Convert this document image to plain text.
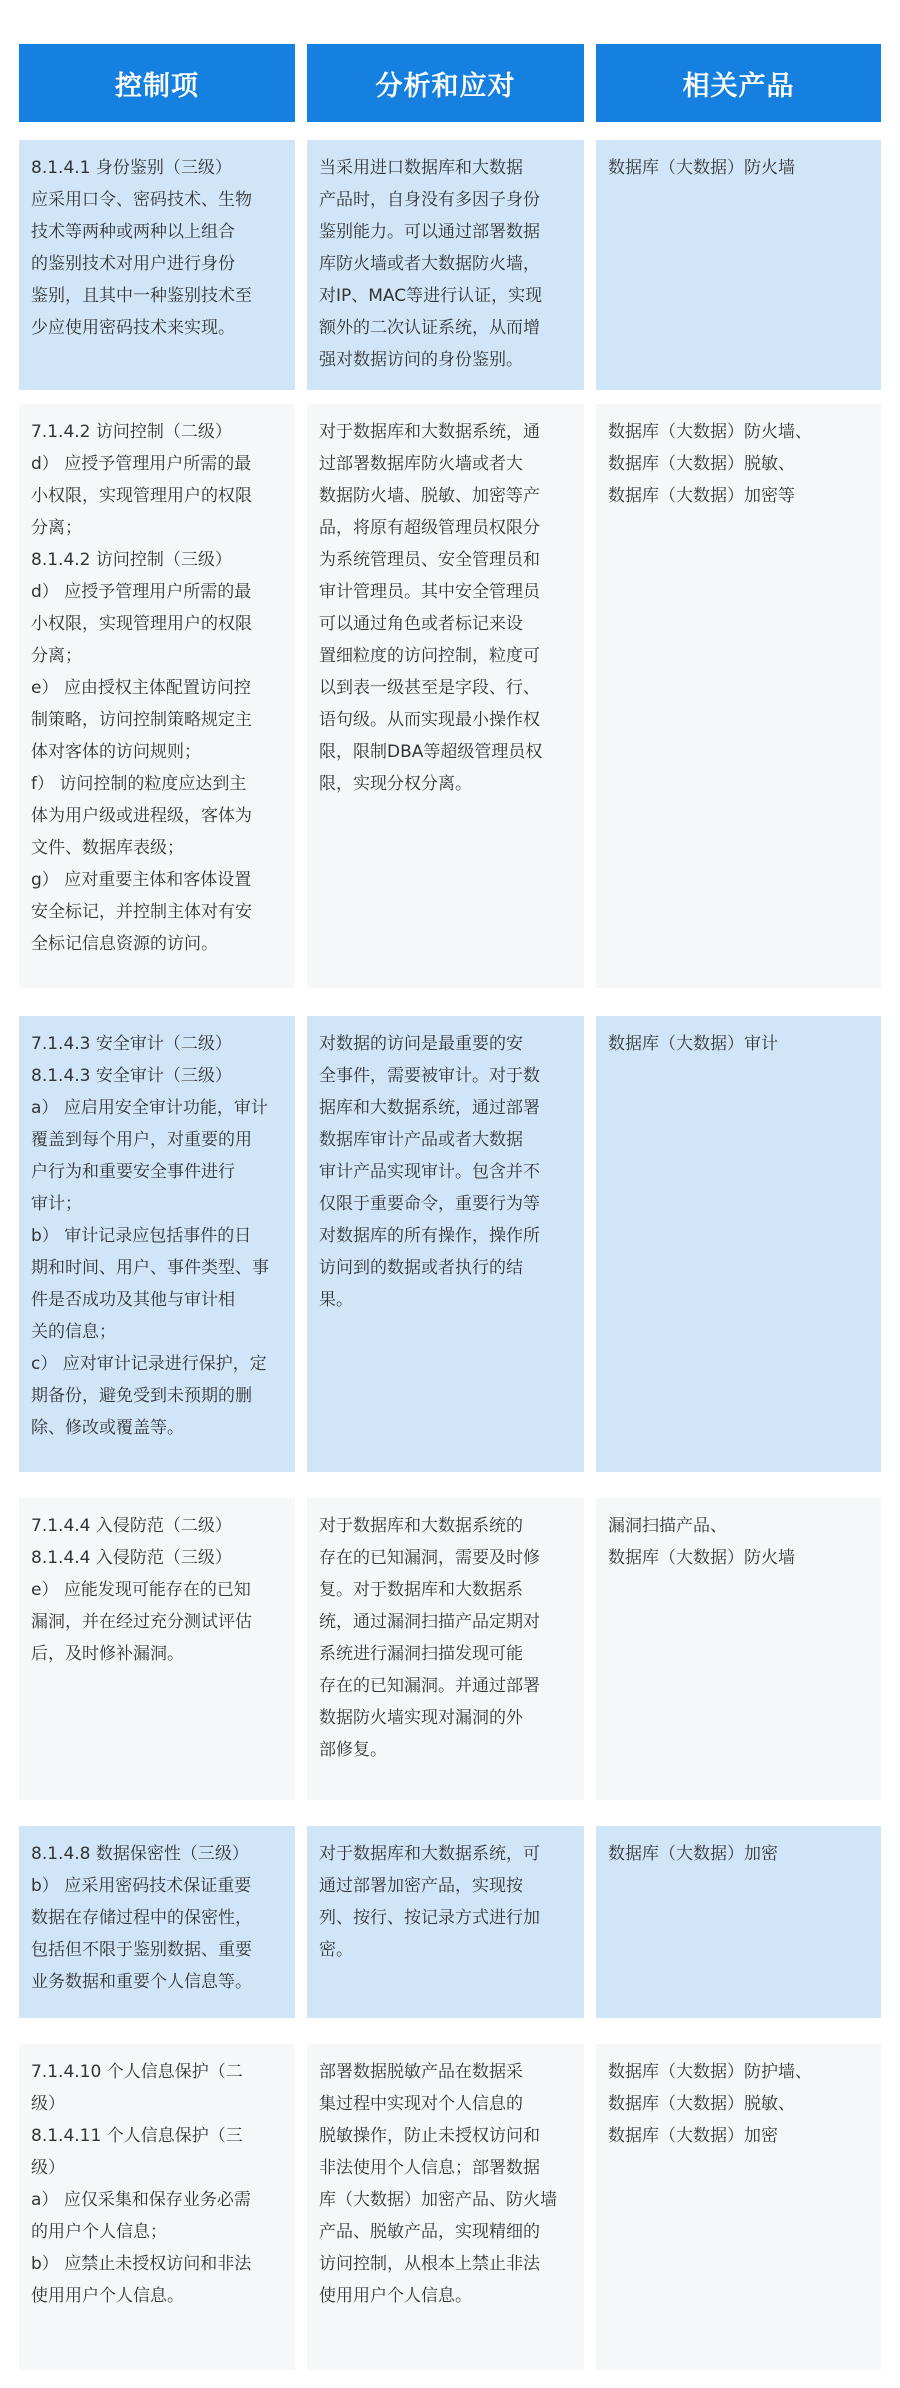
控制项	分析和应对	相关产品
8.1.4.1 身份鉴别（三级）
应采用口令、密码技术、生物
技术等两种或两种以上组合
的鉴别技术对用户进行身份
鉴别，且其中一种鉴别技术至
少应使用密码技术来实现。
当采用进口数据库和大数据
产品时，自身没有多因子身份
鉴别能力。可以通过部署数据
库防火墙或者大数据防火墙，
对IP、MAC等进行认证，实现
额外的二次认证系统，从而增
强对数据访问的身份鉴别。
数据库（大数据）防火墙
7.1.4.2 访问控制（二级）
d） 应授予管理用户所需的最
小权限，实现管理用户的权限
分离；
8.1.4.2 访问控制（三级）
d） 应授予管理用户所需的最
小权限，实现管理用户的权限
分离；
e） 应由授权主体配置访问控
制策略，访问控制策略规定主
体对客体的访问规则；
f） 访问控制的粒度应达到主
体为用户级或进程级，客体为
文件、数据库表级；
g） 应对重要主体和客体设置
安全标记，并控制主体对有安
全标记信息资源的访问。
对于数据库和大数据系统，通
过部署数据库防火墙或者大
数据防火墙、脱敏、加密等产
品，将原有超级管理员权限分
为系统管理员、安全管理员和
审计管理员。其中安全管理员
可以通过角色或者标记来设
置细粒度的访问控制，粒度可
以到表一级甚至是字段、行、
语句级。从而实现最小操作权
限，限制DBA等超级管理员权
限，实现分权分离。
数据库（大数据）防火墙、
数据库（大数据）脱敏、
数据库（大数据）加密等
7.1.4.3 安全审计（二级）
8.1.4.3 安全审计（三级）
a） 应启用安全审计功能，审计
覆盖到每个用户，对重要的用
户行为和重要安全事件进行
审计；
b） 审计记录应包括事件的日
期和时间、用户、事件类型、事
件是否成功及其他与审计相
关的信息；
c） 应对审计记录进行保护，定
期备份，避免受到未预期的删
除、修改或覆盖等。
对数据的访问是最重要的安
全事件，需要被审计。对于数
据库和大数据系统，通过部署
数据库审计产品或者大数据
审计产品实现审计。包含并不
仅限于重要命令，重要行为等
对数据库的所有操作，操作所
访问到的数据或者执行的结
果。
数据库（大数据）审计
7.1.4.4 入侵防范（二级）
8.1.4.4 入侵防范（三级）
e） 应能发现可能存在的已知
漏洞，并在经过充分测试评估
后，及时修补漏洞。
对于数据库和大数据系统的
存在的已知漏洞，需要及时修
复。对于数据库和大数据系
统，通过漏洞扫描产品定期对
系统进行漏洞扫描发现可能
存在的已知漏洞。并通过部署
数据防火墙实现对漏洞的外
部修复。
漏洞扫描产品、
数据库（大数据）防火墙
8.1.4.8 数据保密性（三级）
b） 应采用密码技术保证重要
数据在存储过程中的保密性，
包括但不限于鉴别数据、重要
业务数据和重要个人信息等。
对于数据库和大数据系统，可
通过部署加密产品，实现按
列、按行、按记录方式进行加
密。
数据库（大数据）加密
7.1.4.10 个人信息保护（二
级）
8.1.4.11 个人信息保护（三
级）
a） 应仅采集和保存业务必需
的用户个人信息；
b） 应禁止未授权访问和非法
使用用户个人信息。
部署数据脱敏产品在数据采
集过程中实现对个人信息的
脱敏操作，防止未授权访问和
非法使用个人信息；部署数据
库（大数据）加密产品、防火墙
产品、脱敏产品，实现精细的
访问控制，从根本上禁止非法
使用用户个人信息。
数据库（大数据）防护墙、
数据库（大数据）脱敏、
数据库（大数据）加密
